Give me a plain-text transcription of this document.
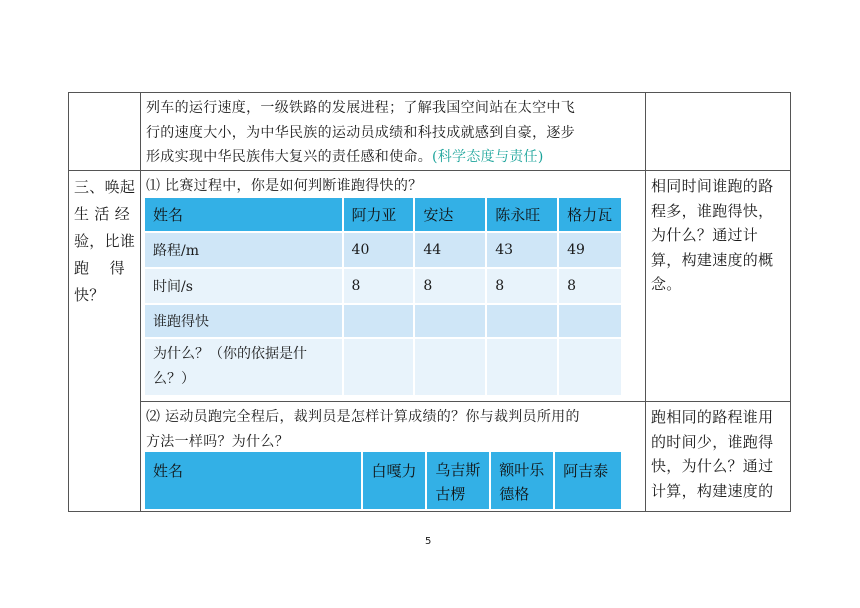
列车的运行速度，一级铁路的发展进程；了解我国空间站在太空中飞
行的速度大小，为中华民族的运动员成绩和科技成就感到自豪，逐步
形成实现中华民族伟大复兴的责任感和使命。(科学态度与责任)
三、唤起
生 活 经
验，比谁
跑    得
快？
⑴ 比赛过程中，你是如何判断谁跑得快的？
姓名	阿力亚	安达	陈永旺	格力瓦
路程/m	40	44	43	49
时间/s	8	8	8	8
谁跑得快				
为什么？（你的依据是什么？）				
相同时间谁跑的路
程多，谁跑得快，
为什么？通过计
算，构建速度的概
念。
⑵ 运动员跑完全程后，裁判员是怎样计算成绩的？你与裁判员所用的
方法一样吗？为什么？
姓名	白嘎力	乌吉斯古楞	额叶乐德格	阿吉泰
跑相同的路程谁用
的时间少，谁跑得
快，为什么？通过
计算，构建速度的
5
